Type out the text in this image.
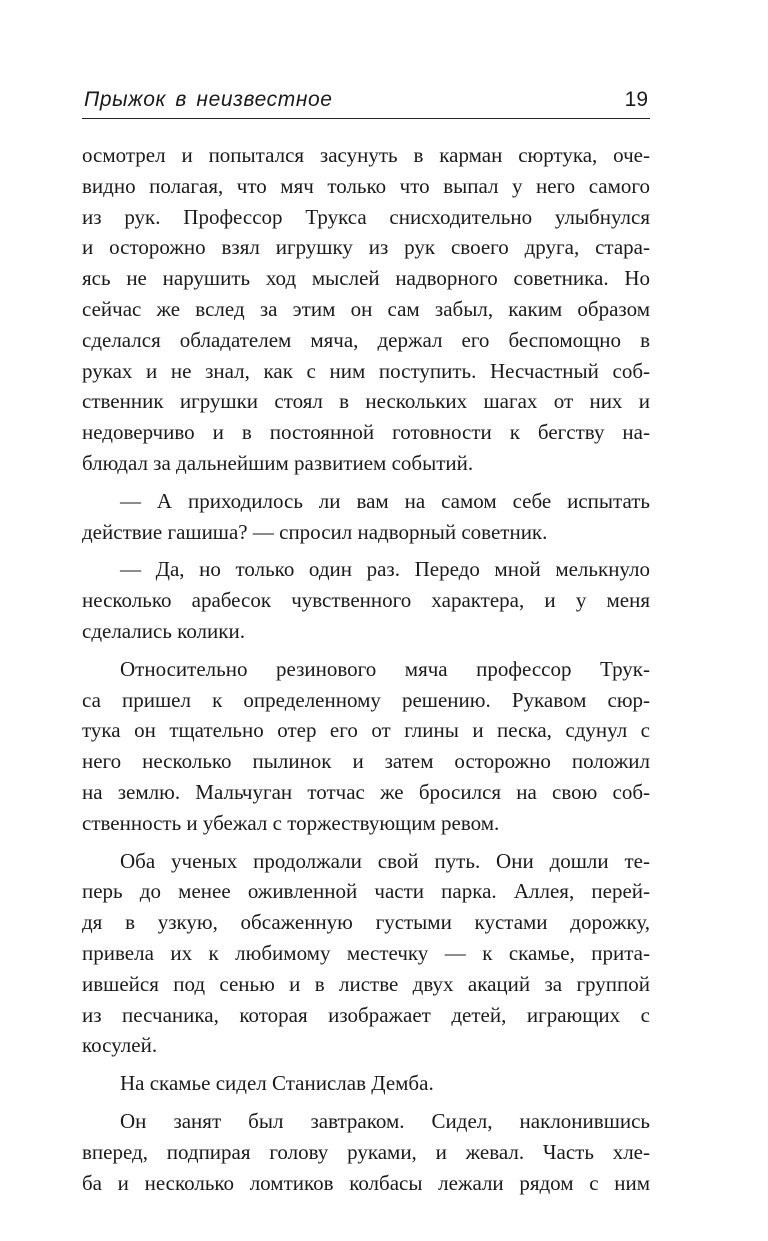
Прыжок в неизвестное	19
осмотрел и попытался засунуть в карман сюртука, оче-
видно полагая, что мяч только что выпал у него самого
из рук. Профессор Трукса снисходительно улыбнулся
и осторожно взял игрушку из рук своего друга, стара-
ясь не нарушить ход мыслей надворного советника. Но
сейчас же вслед за этим он сам забыл, каким образом
сделался обладателем мяча, держал его беспомощно в
руках и не знал, как с ним поступить. Несчастный соб-
ственник игрушки стоял в нескольких шагах от них и
недоверчиво и в постоянной готовности к бегству на-
блюдал за дальнейшим развитием событий.
— А приходилось ли вам на самом себе испытать
действие гашиша? — спросил надворный советник.
— Да, но только один раз. Передо мной мелькнуло
несколько арабесок чувственного характера, и у меня
сделались колики.
Относительно резинового мяча профессор Трук-
са пришел к определенному решению. Рукавом сюр-
тука он тщательно отер его от глины и песка, сдунул с
него несколько пылинок и затем осторожно положил
на землю. Мальчуган тотчас же бросился на свою соб-
ственность и убежал с торжествующим ревом.
Оба ученых продолжали свой путь. Они дошли те-
перь до менее оживленной части парка. Аллея, перей-
дя в узкую, обсаженную густыми кустами дорожку,
привела их к любимому местечку — к скамье, прита-
ившейся под сенью и в листве двух акаций за группой
из песчаника, которая изображает детей, играющих с
косулей.
На скамье сидел Станислав Демба.
Он занят был завтраком. Сидел, наклонившись
вперед, подпирая голову руками, и жевал. Часть хле-
ба и несколько ломтиков колбасы лежали рядом с ним
